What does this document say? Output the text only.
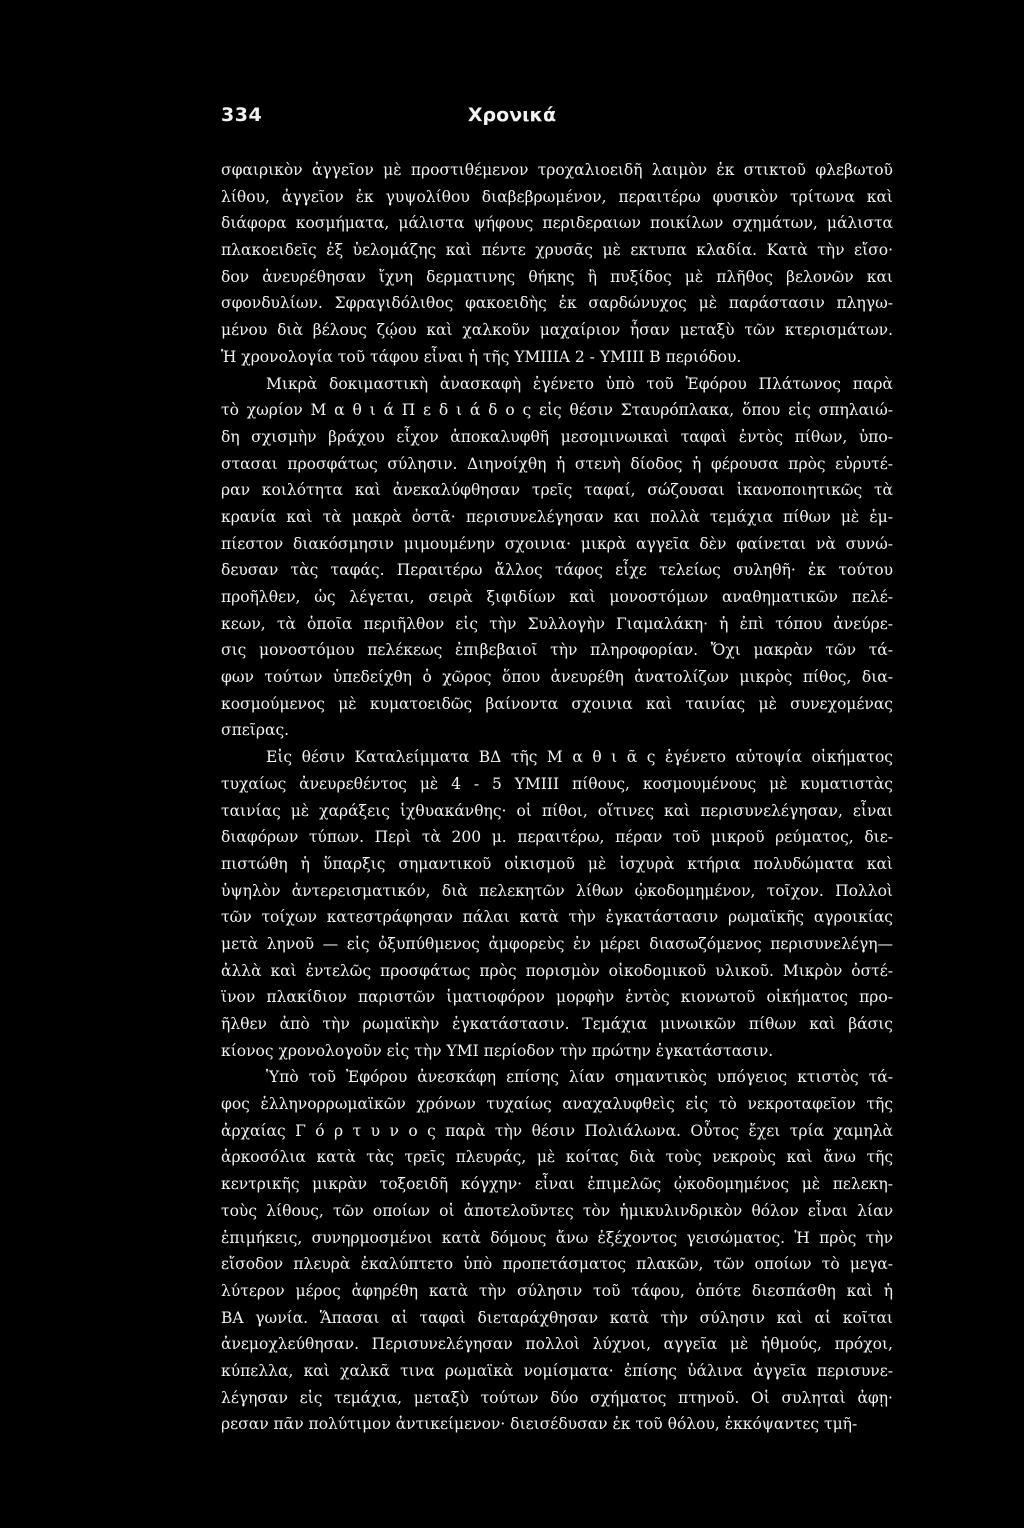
334	Χρονικά
σφαιρικὸν ἀγγεῖον μὲ προστιθέμενον τροχαλιοειδῆ λαιμὸν ἐκ στικτοῦ φλεβωτοῦ
λίθου, ἀγγεῖον ἐκ γυψολίθου διαβεβρωμένον, περαιτέρω φυσικὸν τρίτωνα καὶ
διάφορα κοσμήματα, μάλιστα ψήφους περιδεραιων ποικίλων σχημάτων, μάλιστα
πλακοειδεῖς ἐξ ὑελομάζης καὶ πέντε χρυσᾶς μὲ εκτυπα κλαδία. Κατὰ τὴν εἴσο·
δον ἀνευρέθησαν ἴχνη δερματινης θήκης ἢ πυξίδος μὲ πλῆθος βελονῶν και
σφονδυλίων. Σφραγιδόλιθος φακοειδὴς ἐκ σαρδώνυχος μὲ παράστασιν πληγω-
μένου διὰ βέλους ζῴου καὶ χαλκοῦν μαχαίριον ἦσαν μεταξὺ τῶν κτερισμάτων.
Ἡ χρονολογία τοῦ τάφου εἶναι ἡ τῆς ΥΜΙΙΙΑ 2 - ΥΜΙΙΙ Β περιόδου.
Μικρὰ δοκιμαστικὴ ἀνασκαφὴ ἐγένετο ὑπὸ τοῦ Ἐφόρου Πλάτωνος παρὰ
τὸ χωρίον Μ α θ ι ά Π ε δ ι ά δ ο ς εἰς θέσιν Σταυρόπλακα, ὅπου εἰς σπηλαιώ-
δη σχισμὴν βράχου εἶχον ἀποκαλυφθῆ μεσομινωικαὶ ταφαὶ ἐντὸς πίθων, ὑπο-
στασαι προσφάτως σύλησιν. Διηνοίχθη ἡ στενὴ δίοδος ἡ φέρουσα πρὸς εὐρυτέ-
ραν κοιλότητα καὶ ἀνεκαλύφθησαν τρεῖς ταφαί, σώζουσαι ἱκανοποιητικῶς τὰ
κρανία καὶ τὰ μακρὰ ὀστᾶ· περισυνελέγησαν και πολλὰ τεμάχια πίθων μὲ ἐμ-
πίεστον διακόσμησιν μιμουμένην σχοινια· μικρὰ αγγεῖα δὲν φαίνεται νὰ συνώ-
δευσαν τὰς ταφάς. Περαιτέρω ἄλλος τάφος εἶχε τελείως συληθῆ· ἐκ τούτου
προῆλθεν, ὡς λέγεται, σειρὰ ξιφιδίων καὶ μονοστόμων αναθηματικῶν πελέ-
κεων, τὰ ὁποῖα περιῆλθον εἰς τὴν Συλλογὴν Γιαμαλάκη· ἡ ἐπὶ τόπου ἀνεύρε-
σις μονοστόμου πελέκεως ἐπιβεβαιοῖ τὴν πληροφορίαν. Ὄχι μακρὰν τῶν τά-
φων τούτων ὑπεδείχθη ὁ χῶρος ὅπου ἀνευρέθη ἀνατολίζων μικρὸς πίθος, δια-
κοσμούμενος μὲ κυματοειδῶς βαίνοντα σχοινια καὶ ταινίας μὲ συνεχομένας
σπεῖρας.
Εἰς θέσιν Καταλείμματα ΒΔ τῆς Μ α θ ι ᾶ ς ἐγένετο αὐτοψία οἰκήματος
τυχαίως ἀνευρεθέντος μὲ 4 - 5 ΥΜΙΙΙ πίθους, κοσμουμένους μὲ κυματιστὰς
ταινίας μὲ χαράξεις ἰχθυακάνθης· οἱ πίθοι, οἵτινες καὶ περισυνελέγησαν, εἶναι
διαφόρων τύπων. Περὶ τὰ 200 μ. περαιτέρω, πέραν τοῦ μικροῦ ρεύματος, διε-
πιστώθη ἡ ὕπαρξις σημαντικοῦ οἰκισμοῦ μὲ ἰσχυρὰ κτήρια πολυδώματα καὶ
ὑψηλὸν ἀντερεισματικόν, διὰ πελεκητῶν λίθων ᾠκοδομημένον, τοῖχον. Πολλοὶ
τῶν τοίχων κατεστράφησαν πάλαι κατὰ τὴν ἐγκατάστασιν ρωμαϊκῆς αγροικίας
μετὰ ληνοῦ — εἰς ὀξυπύθμενος ἀμφορεὺς ἐν μέρει διασωζόμενος περισυνελέγη—
ἀλλὰ καὶ ἐντελῶς προσφάτως πρὸς πορισμὸν οἰκοδομικοῦ υλικοῦ. Μικρὸν ὀστέ-
ϊνον πλακίδιον παριστῶν ἱματιοφόρον μορφὴν ἐντὸς κιονωτοῦ οἰκήματος προ-
ῆλθεν ἀπὸ τὴν ρωμαϊκὴν ἐγκατάστασιν. Τεμάχια μινωικῶν πίθων καὶ βάσις
κίονος χρονολογοῦν εἰς τὴν ΥΜΙ περίοδον τὴν πρώτην ἐγκατάστασιν.
Ὑπὸ τοῦ Ἐφόρου ἀνεσκάφη επίσης λίαν σημαντικὸς υπόγειος κτιστὸς τά-
φος ἑλληνορρωμαϊκῶν χρόνων τυχαίως αναχαλυφθεὶς εἰς τὸ νεκροταφεῖον τῆς
ἀρχαίας Γ ό ρ τ υ ν ο ς παρὰ τὴν θέσιν Πολιάλωνα. Οὗτος ἔχει τρία χαμηλὰ
ἀρκοσόλια κατὰ τὰς τρεῖς πλευράς, μὲ κοίτας διὰ τοὺς νεκροὺς καὶ ἄνω τῆς
κεντρικῆς μικρὰν τοξοειδῆ κόγχην· εἶναι ἐπιμελῶς ᾠκοδομημένος μὲ πελεκη-
τοὺς λίθους, τῶν οποίων οἱ ἀποτελοῦντες τὸν ἡμικυλινδρικὸν θόλον εἶναι λίαν
ἐπιμήκεις, συνηρμοσμένοι κατὰ δόμους ἄνω ἐξέχοντος γεισώματος. Ἡ πρὸς τὴν
εἴσοδον πλευρὰ ἐκαλύπτετο ὑπὸ προπετάσματος πλακῶν, τῶν οποίων τὸ μεγα-
λύτερον μέρος ἀφηρέθη κατὰ τὴν σύλησιν τοῦ τάφου, ὁπότε διεσπάσθη καὶ ἡ
ΒΑ γωνία. Ἅπασαι αἱ ταφαὶ διεταράχθησαν κατὰ τὴν σύλησιν καὶ αἱ κοῖται
ἀνεμοχλεύθησαν. Περισυνελέγησαν πολλοὶ λύχνοι, αγγεῖα μὲ ἠθμούς, πρόχοι,
κύπελλα, καὶ χαλκᾶ τινα ρωμαϊκὰ νομίσματα· ἐπίσης ὑάλινα ἀγγεῖα περισυνε-
λέγησαν εἰς τεμάχια, μεταξὺ τούτων δύο σχήματος πτηνοῦ. Οἱ συληταὶ ἀφῃ·
ρεσαν πᾶν πολύτιμον ἀντικείμενον· διεισέδυσαν ἐκ τοῦ θόλου, ἐκκόψαντες τμῆ-
